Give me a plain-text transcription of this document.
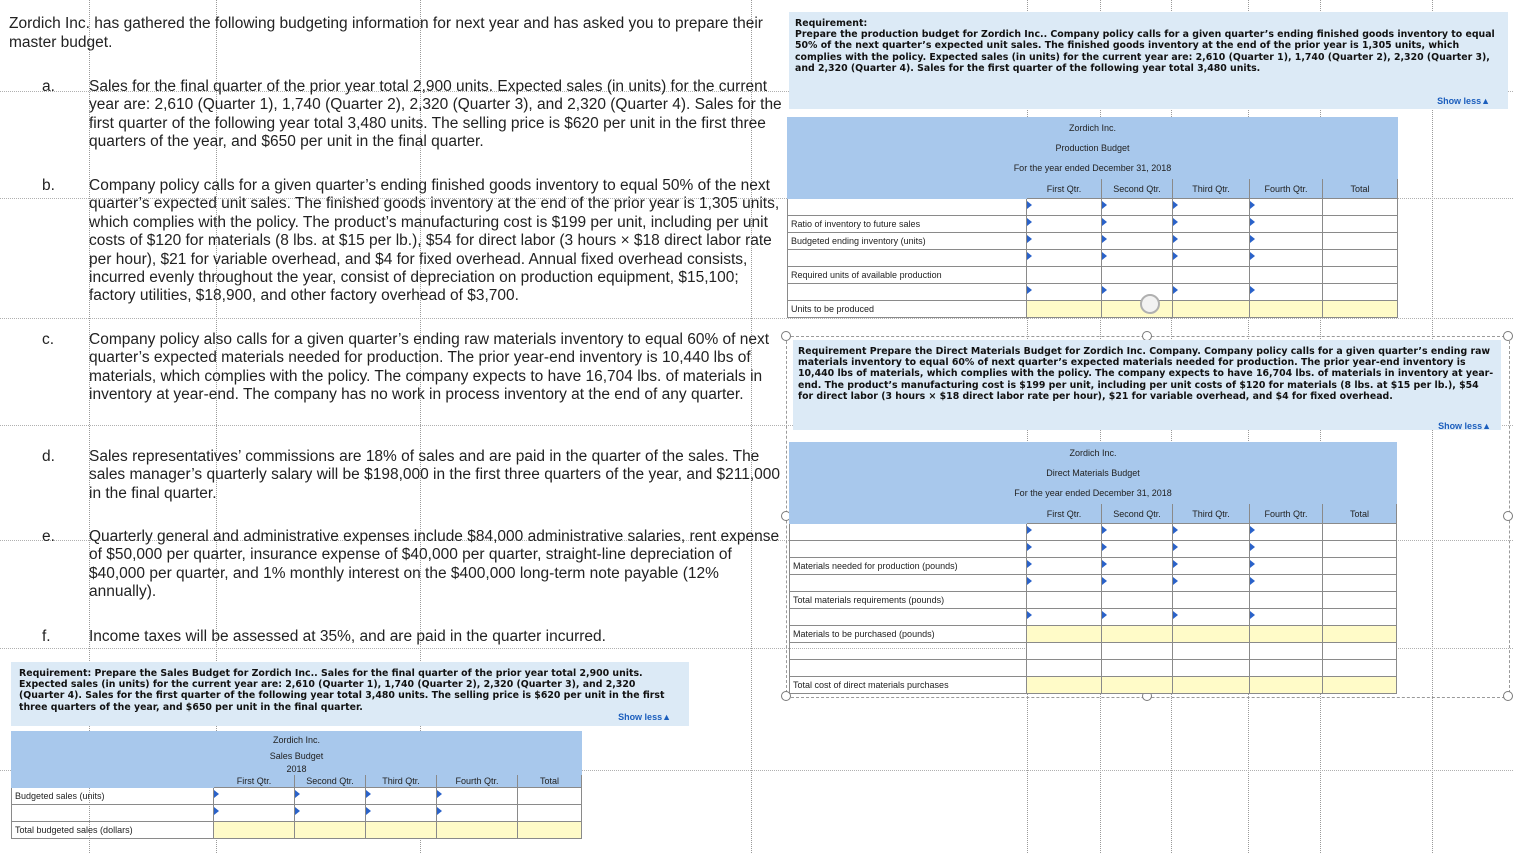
Zordich Inc. has gathered the following budgeting information for next year and has asked you to prepare their master budget.
a.	Sales for the final quarter of the prior year total 2,900 units. Expected sales (in units) for the current year are: 2,610 (Quarter 1), 1,740 (Quarter 2), 2,320 (Quarter 3), and 2,320 (Quarter 4). Sales for the first quarter of the following year total 3,480 units. The selling price is $620 per unit in the first three quarters of the year, and $650 per unit in the final quarter.
b.	Company policy calls for a given quarter’s ending finished goods inventory to equal 50% of the next quarter’s expected unit sales. The finished goods inventory at the end of the prior year is 1,305 units, which complies with the policy. The product’s manufacturing cost is $199 per unit, including per unit costs of $120 for materials (8 lbs. at $15 per lb.), $54 for direct labor (3 hours × $18 direct labor rate per hour), $21 for variable overhead, and $4 for fixed overhead. Annual fixed overhead consists, incurred evenly throughout the year, consist of depreciation on production equipment, $15,100; factory utilities, $18,900, and other factory overhead of $3,700.
c.	Company policy also calls for a given quarter’s ending raw materials inventory to equal 60% of next quarter’s expected materials needed for production. The prior year-end inventory is 10,440 lbs of materials, which complies with the policy. The company expects to have 16,704 lbs. of materials in inventory at year-end. The company has no work in process inventory at the end of any quarter.
d.	Sales representatives’ commissions are 18% of sales and are paid in the quarter of the sales. The sales manager’s quarterly salary will be $198,000 in the first three quarters of the year, and $211,000 in the final quarter.
e.	Quarterly general and administrative expenses include $84,000 administrative salaries, rent expense of $50,000 per quarter, insurance expense of $40,000 per quarter, straight-line depreciation of $40,000 per quarter, and 1% monthly interest on the $400,000 long-term note payable (12% annually).
f.	Income taxes will be assessed at 35%, and are paid in the quarter incurred.
Requirement: Prepare the Sales Budget for Zordich Inc.. Sales for the final quarter of the prior year total 2,900 units. Expected sales (in units) for the current year are: 2,610 (Quarter 1), 1,740 (Quarter 2), 2,320 (Quarter 3), and 2,320 (Quarter 4). Sales for the first quarter of the following year total 3,480 units. The selling price is $620 per unit in the first three quarters of the year, and $650 per unit in the final quarter.
Show less▲
Zordich Inc.					
Sales Budget					
2018					
	First Qtr.	Second Qtr.	Third Qtr.	Fourth Qtr.	Total
Budgeted sales (units)	

Total budgeted sales (dollars)					
Requirement:
Prepare the production budget for Zordich Inc.. Company policy calls for a given quarter’s ending finished goods inventory to equal 50% of the next quarter’s expected unit sales. The finished goods inventory at the end of the prior year is 1,305 units, which complies with the policy. Expected sales (in units) for the current year are: 2,610 (Quarter 1), 1,740 (Quarter 2), 2,320 (Quarter 3), and 2,320 (Quarter 4). Sales for the first quarter of the following year total 3,480 units.
Show less▲
Zordich Inc.					
Production Budget					
For the year ended December 31, 2018					
	First Qtr.	Second Qtr.	Third Qtr.	Fourth Qtr.	Total

Ratio of inventory to future sales	

Budgeted ending inventory (units)	

Required units of available production					

Units to be produced					
Requirement Prepare the Direct Materials Budget for Zordich Inc. Company. Company policy calls for a given quarter’s ending raw materials inventory to equal 60% of next quarter’s expected materials needed for production. The prior year-end inventory is 10,440 lbs of materials, which complies with the policy. The company expects to have 16,704 lbs. of materials in inventory at year-end. The product’s manufacturing cost is $199 per unit, including per unit costs of $120 for materials (8 lbs. at $15 per lb.), $54 for direct labor (3 hours × $18 direct labor rate per hour), $21 for variable overhead, and $4 for fixed overhead.
Show less▲
Zordich Inc.					
Direct Materials Budget					
For the year ended December 31, 2018					
	First Qtr.	Second Qtr.	Third Qtr.	Fourth Qtr.	Total

Materials needed for production (pounds)	

Total materials requirements (pounds)					

Materials to be purchased (pounds)					

Total cost of direct materials purchases					
